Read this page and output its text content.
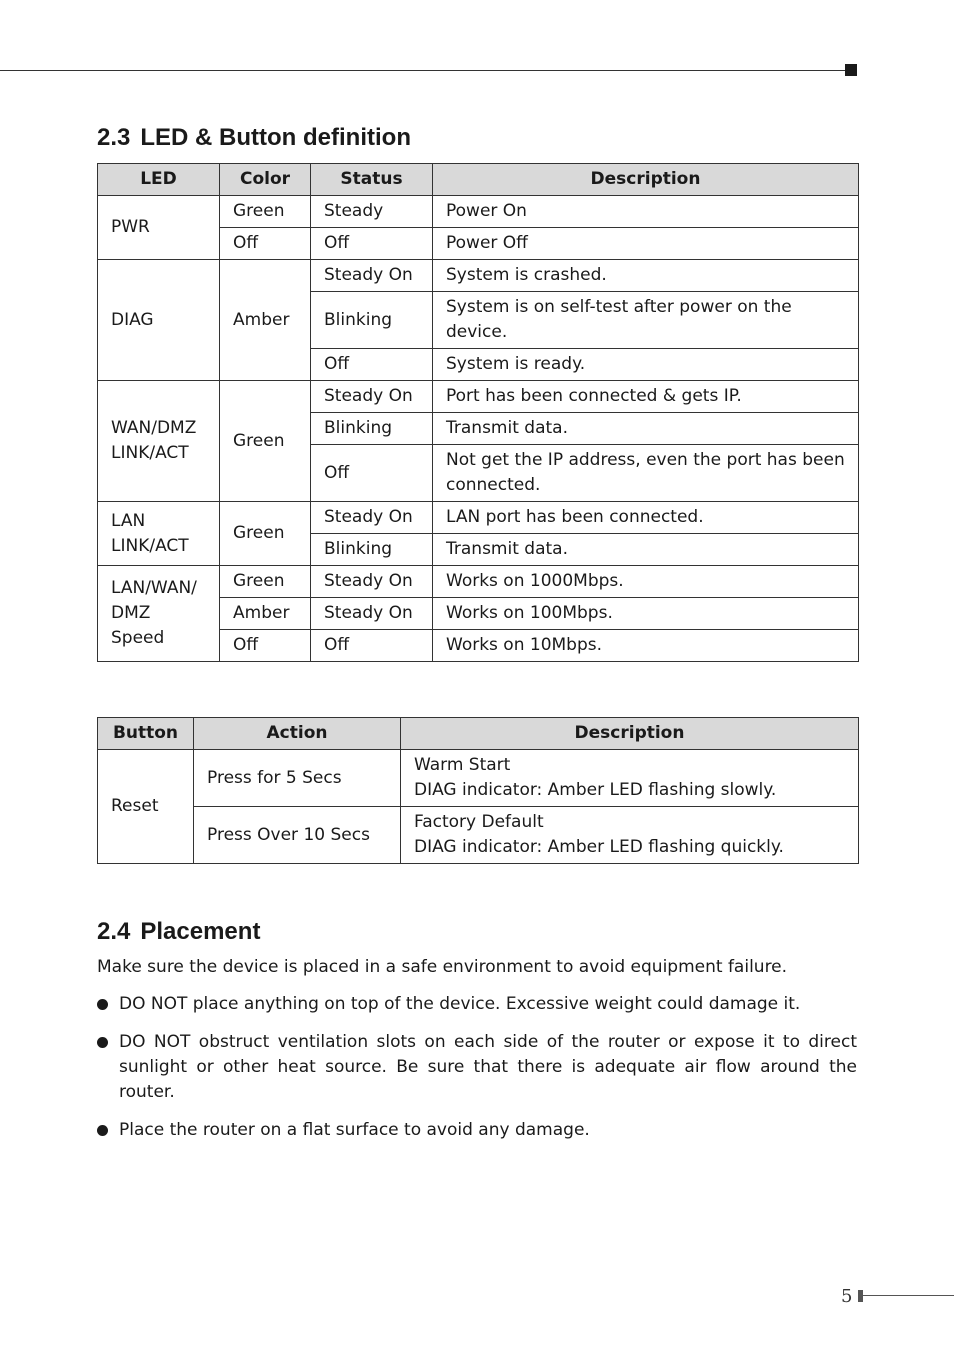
2.3 LED & Button definition
LED	Color	Status	Description
PWR	Green	Steady	Power On
	Off	Off	Power Off
DIAG	Amber	Steady On	System is crashed.
		Blinking	System is on self-test after power on the device.
		Off	System is ready.
WAN/DMZ
LINK/ACT	Green	Steady On	Port has been connected & gets IP.
		Blinking	Transmit data.
		Off	Not get the IP address, even the port has been connected.
LAN
LINK/ACT	Green	Steady On	LAN port has been connected.
		Blinking	Transmit data.
LAN/WAN/
DMZ
Speed	Green	Steady On	Works on 1000Mbps.
	Amber	Steady On	Works on 100Mbps.
	Off	Off	Works on 10Mbps.
Button	Action	Description
Reset	Press for 5 Secs	Warm Start
DIAG indicator: Amber LED flashing slowly.
	Press Over 10 Secs	Factory Default
DIAG indicator: Amber LED flashing quickly.
2.4 Placement

Make sure the device is placed in a safe environment to avoid equipment failure.

DO NOT place anything on top of the device. Excessive weight could damage it.
DO NOT obstruct ventilation slots on each side of the router or expose it to direct sunlight or other heat source. Be sure that there is adequate air flow around the router.
Place the router on a flat surface to avoid any damage.
5
